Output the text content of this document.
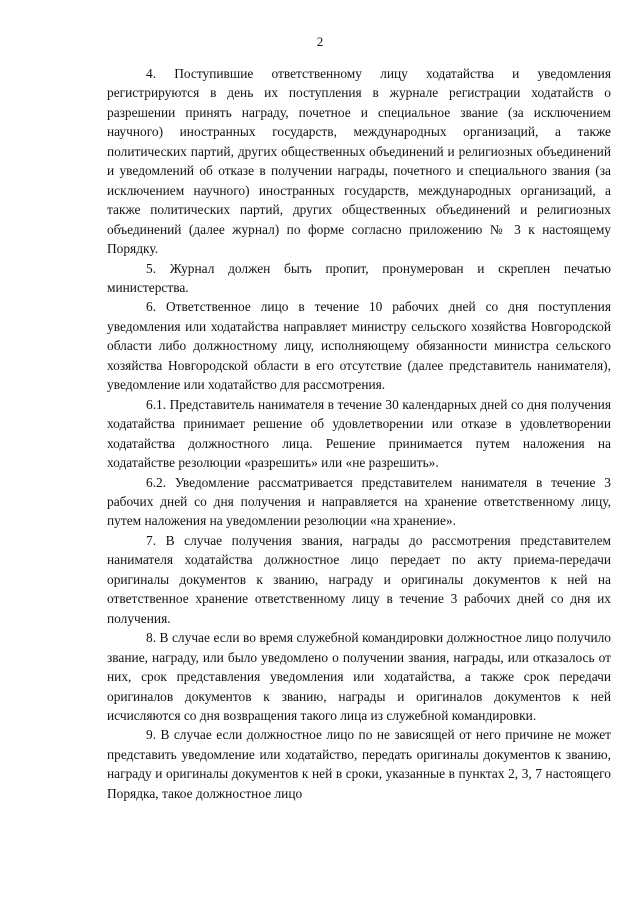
2

4. Поступившие ответственному лицу ходатайства и уведомления регистрируются в день их поступления в журнале регистрации ходатайств о разрешении принять награду, почетное и специальное звание (за исключением научного) иностранных государств, международных организаций, а также политических партий, других общественных объединений и религиозных объединений и уведомлений об отказе в получении награды, почетного и специального звания (за исключением научного) иностранных государств, международных организаций, а также политических партий, других общественных объединений и религиозных объединений (далее журнал) по форме согласно приложению № 3 к настоящему Порядку.

5. Журнал должен быть пропит, пронумерован и скреплен печатью министерства.

6. Ответственное лицо в течение 10 рабочих дней со дня поступления уведомления или ходатайства направляет министру сельского хозяйства Новгородской области либо должностному лицу, исполняющему обязанности министра сельского хозяйства Новгородской области в его отсутствие (далее представитель нанимателя), уведомление или ходатайство для рассмотрения.

6.1. Представитель нанимателя в течение 30 календарных дней со дня получения ходатайства принимает решение об удовлетворении или отказе в удовлетворении ходатайства должностного лица. Решение принимается путем наложения на ходатайстве резолюции «разрешить» или «не разрешить».

6.2. Уведомление рассматривается представителем нанимателя в течение 3 рабочих дней со дня получения и направляется на хранение ответственному лицу, путем наложения на уведомлении резолюции «на хранение».

7. В случае получения звания, награды до рассмотрения представителем нанимателя ходатайства должностное лицо передает по акту приема-передачи оригиналы документов к званию, награду и оригиналы документов к ней на ответственное хранение ответственному лицу в течение 3 рабочих дней со дня их получения.

8. В случае если во время служебной командировки должностное лицо получило звание, награду, или было уведомлено о получении звания, награды, или отказалось от них, срок представления уведомления или ходатайства, а также срок передачи оригиналов документов к званию, награды и оригиналов документов к ней исчисляются со дня возвращения такого лица из служебной командировки.

9. В случае если должностное лицо по не зависящей от него причине не может представить уведомление или ходатайство, передать оригиналы документов к званию, награду и оригиналы документов к ней в сроки, указанные в пунктах 2, 3, 7 настоящего Порядка, такое должностное лицо
